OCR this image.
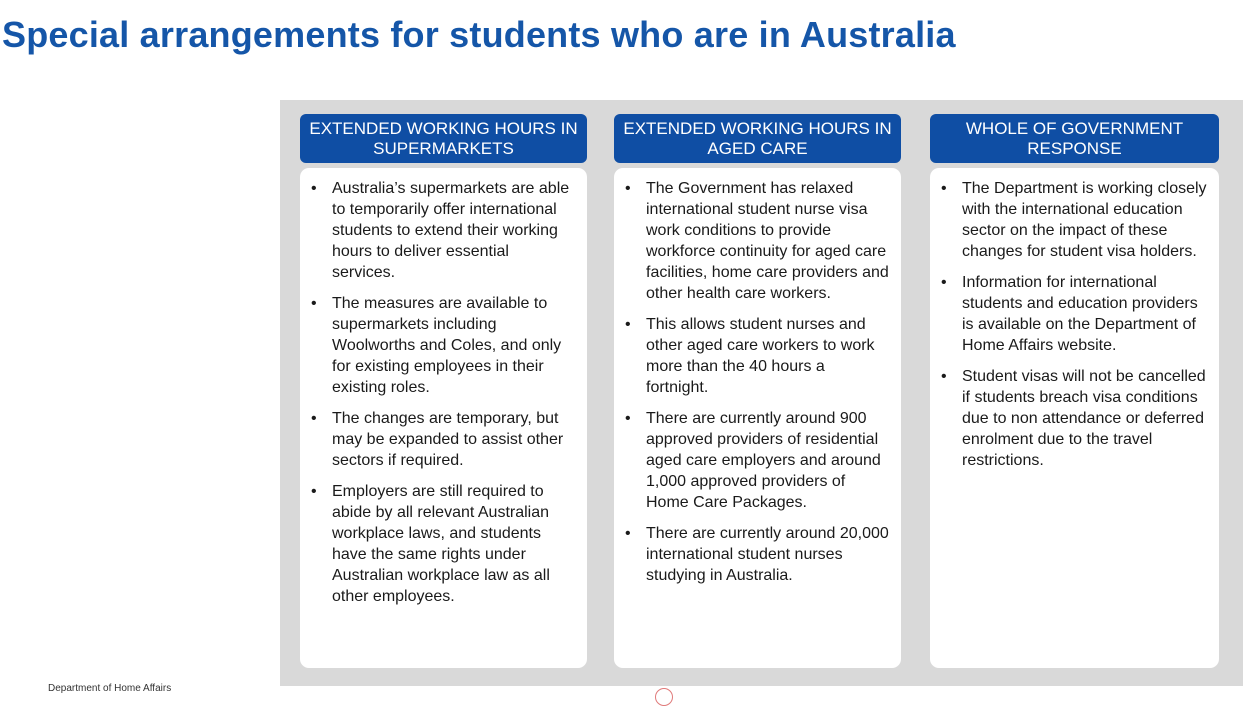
Special arrangements for students who are in Australia
EXTENDED WORKING HOURS IN SUPERMARKETS
• Australia’s supermarkets are able to temporarily offer international students to extend their working hours to deliver essential services.
• The measures are available to supermarkets including Woolworths and Coles, and only for existing employees in their existing roles.
• The changes are temporary, but may be expanded to assist other sectors if required.
• Employers are still required to abide by all relevant Australian workplace laws, and students have the same rights under Australian workplace law as all other employees.
EXTENDED WORKING HOURS IN AGED CARE
• The Government has relaxed international student nurse visa work conditions to provide workforce continuity for aged care facilities, home care providers and other health care workers.
• This allows student nurses and other aged care workers to work more than the 40 hours a fortnight.
• There are currently around 900 approved providers of residential aged care employers and around 1,000 approved providers of Home Care Packages.
• There are currently around 20,000 international student nurses studying in Australia.
WHOLE OF GOVERNMENT RESPONSE
• The Department is working closely with the international education sector on the impact of these changes for student visa holders.
• Information for international students and education providers is available on the Department of Home Affairs website.
• Student visas will not be cancelled if students breach visa conditions due to non attendance or deferred enrolment due to the travel restrictions.
Department of Home Affairs
